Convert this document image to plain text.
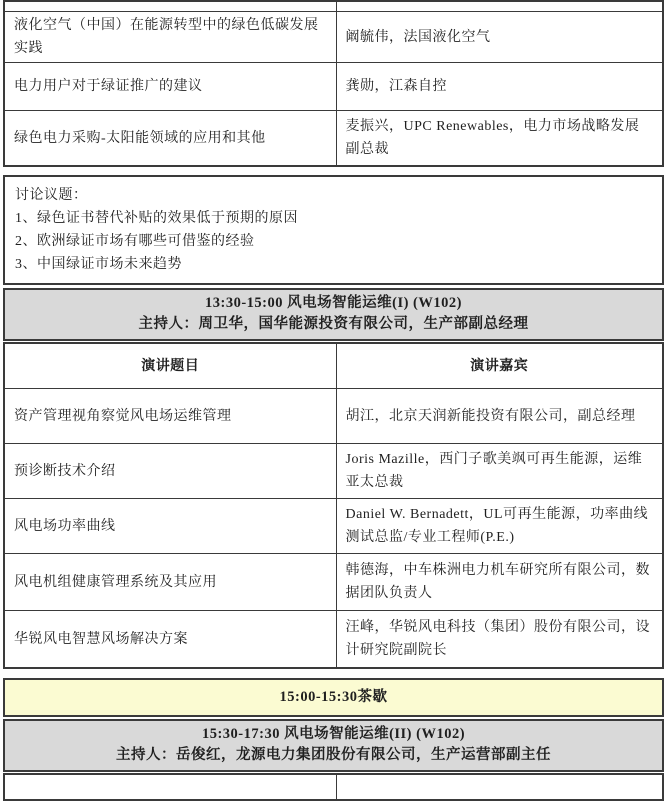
液化空气（中国）在能源转型中的绿色低碳发展实践	阚毓伟，法国液化空气
电力用户对于绿证推广的建议	龚勋，江森自控
绿色电力采购-太阳能领域的应用和其他	麦振兴，UPC Renewables，电力市场战略发展副总裁
讨论议题：
1、绿色证书替代补贴的效果低于预期的原因
2、欧洲绿证市场有哪些可借鉴的经验
3、中国绿证市场未来趋势
13:30-15:00 风电场智能运维(I) (W102)
主持人：周卫华，国华能源投资有限公司，生产部副总经理
演讲题目	演讲嘉宾
资产管理视角察觉风电场运维管理	胡江，北京天润新能投资有限公司，副总经理
预诊断技术介绍	Joris Mazille，西门子歌美飒可再生能源，运维亚太总裁
风电场功率曲线	Daniel W. Bernadett，UL可再生能源，功率曲线测试总监/专业工程师(P.E.)
风电机组健康管理系统及其应用	韩德海，中车株洲电力机车研究所有限公司，数据团队负责人
华锐风电智慧风场解决方案	汪峰，华锐风电科技（集团）股份有限公司，设计研究院副院长
15:00-15:30茶歇
15:30-17:30 风电场智能运维(II) (W102)
主持人：岳俊红，龙源电力集团股份有限公司，生产运营部副主任
